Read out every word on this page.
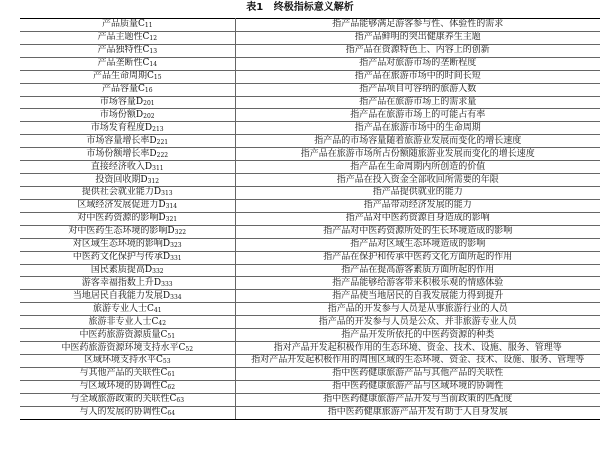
表1   终极指标意义解析
产品质量$C_{11}$	指产品能够满足游客参与性、体验性的需求
产品主题性$C_{12}$	指产品鲜明的突出健康养生主题
产品独特性$C_{13}$	指产品在资源特色上、内容上的创新
产品垄断性$C_{14}$	指产品对旅游市场的垄断程度
产品生命周期$C_{15}$	指产品在旅游市场中的时间长短
产品容量$C_{16}$	指产品项目可容纳的旅游人数
市场容量$D_{201}$	指产品在旅游市场上的需求量
市场份额$D_{202}$	指产品在旅游市场上的可能占有率
市场发育程度$D_{213}$	指产品在旅游市场中的生命周期
市场容量增长率$D_{221}$	指产品的市场容量随着旅游业发展而变化的增长速度
市场份额增长率$D_{222}$	指产品在旅游市场所占份额随旅游业发展而变化的增长速度
直接经济收入$D_{311}$	指产品在生命周期内所创造的价值
投资回收期$D_{312}$	指产品在投入资金全部收回所需要的年限
提供社会就业能力$D_{313}$	指产品提供就业的能力
区域经济发展促进力$D_{314}$	指产品带动经济发展的能力
对中医药资源的影响$D_{321}$	指产品对中医药资源自身造成的影响
对中医药生态环境的影响$D_{322}$	指产品对中医药资源所处的生长环境造成的影响
对区域生态环境的影响$D_{323}$	指产品对区域生态环境造成的影响
中医药文化保护与传承$D_{331}$	指产品在保护和传承中医药文化方面所起的作用
国民素质提高$D_{332}$	指产品在提高游客素质方面所起的作用
游客幸福指数上升$D_{333}$	指产品能够给游客带来积极乐观的情感体验
当地居民自我能力发展$D_{334}$	指产品使当地居民的自我发展能力得到提升
旅游专业人士$C_{41}$	指产品的开发参与人员是从事旅游行业的人员
旅游非专业人士$C_{42}$	指产品的开发参与人员是公众、并非旅游专业人员
中医药旅游资源质量$C_{51}$	指产品开发所依托的中医药资源的种类
中医药旅游资源环境支持水平$C_{52}$	指对产品开发起积极作用的生态环境、资金、技术、设施、服务、管理等
区域环境支持水平$C_{53}$	指对产品开发起积极作用的周围区域的生态环境、资金、技术、设施、服务、管理等
与其他产品的关联性$C_{61}$	指中医药健康旅游产品与其他产品的关联性
与区域环境的协调性$C_{62}$	指中医药健康旅游产品与区域环境的协调性
与全域旅游政策的关联性$C_{63}$	指中医药健康旅游产品开发与当前政策的匹配度
与人的发展的协调性$C_{64}$	指中医药健康旅游产品开发有助于人自身发展
